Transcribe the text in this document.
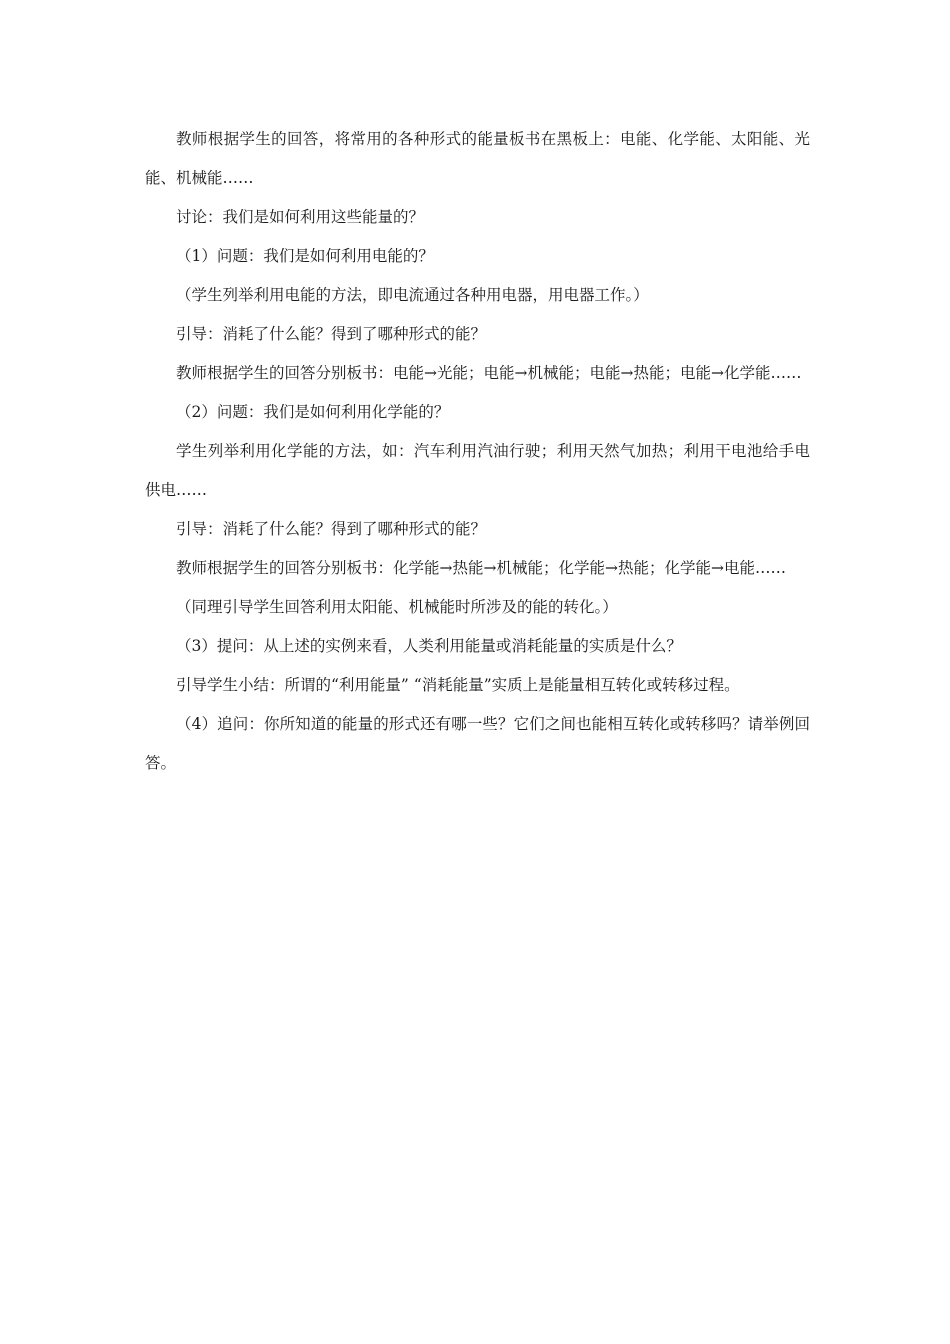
教师根据学生的回答，将常用的各种形式的能量板书在黑板上：电能、化学能、太阳能、光能、机械能……

讨论：我们是如何利用这些能量的？

（1）问题：我们是如何利用电能的？

（学生列举利用电能的方法，即电流通过各种用电器，用电器工作。）

引导：消耗了什么能？得到了哪种形式的能？

教师根据学生的回答分别板书：电能→光能；电能→机械能；电能→热能；电能→化学能……

（2）问题：我们是如何利用化学能的？

学生列举利用化学能的方法，如：汽车利用汽油行驶；利用天然气加热；利用干电池给手电供电……

引导：消耗了什么能？得到了哪种形式的能？

教师根据学生的回答分别板书：化学能→热能→机械能；化学能→热能；化学能→电能……

（同理引导学生回答利用太阳能、机械能时所涉及的能的转化。）

（3）提问：从上述的实例来看，人类利用能量或消耗能量的实质是什么？

引导学生小结：所谓的“利用能量” “消耗能量”实质上是能量相互转化或转移过程。

（4）追问：你所知道的能量的形式还有哪一些？它们之间也能相互转化或转移吗？请举例回答。
